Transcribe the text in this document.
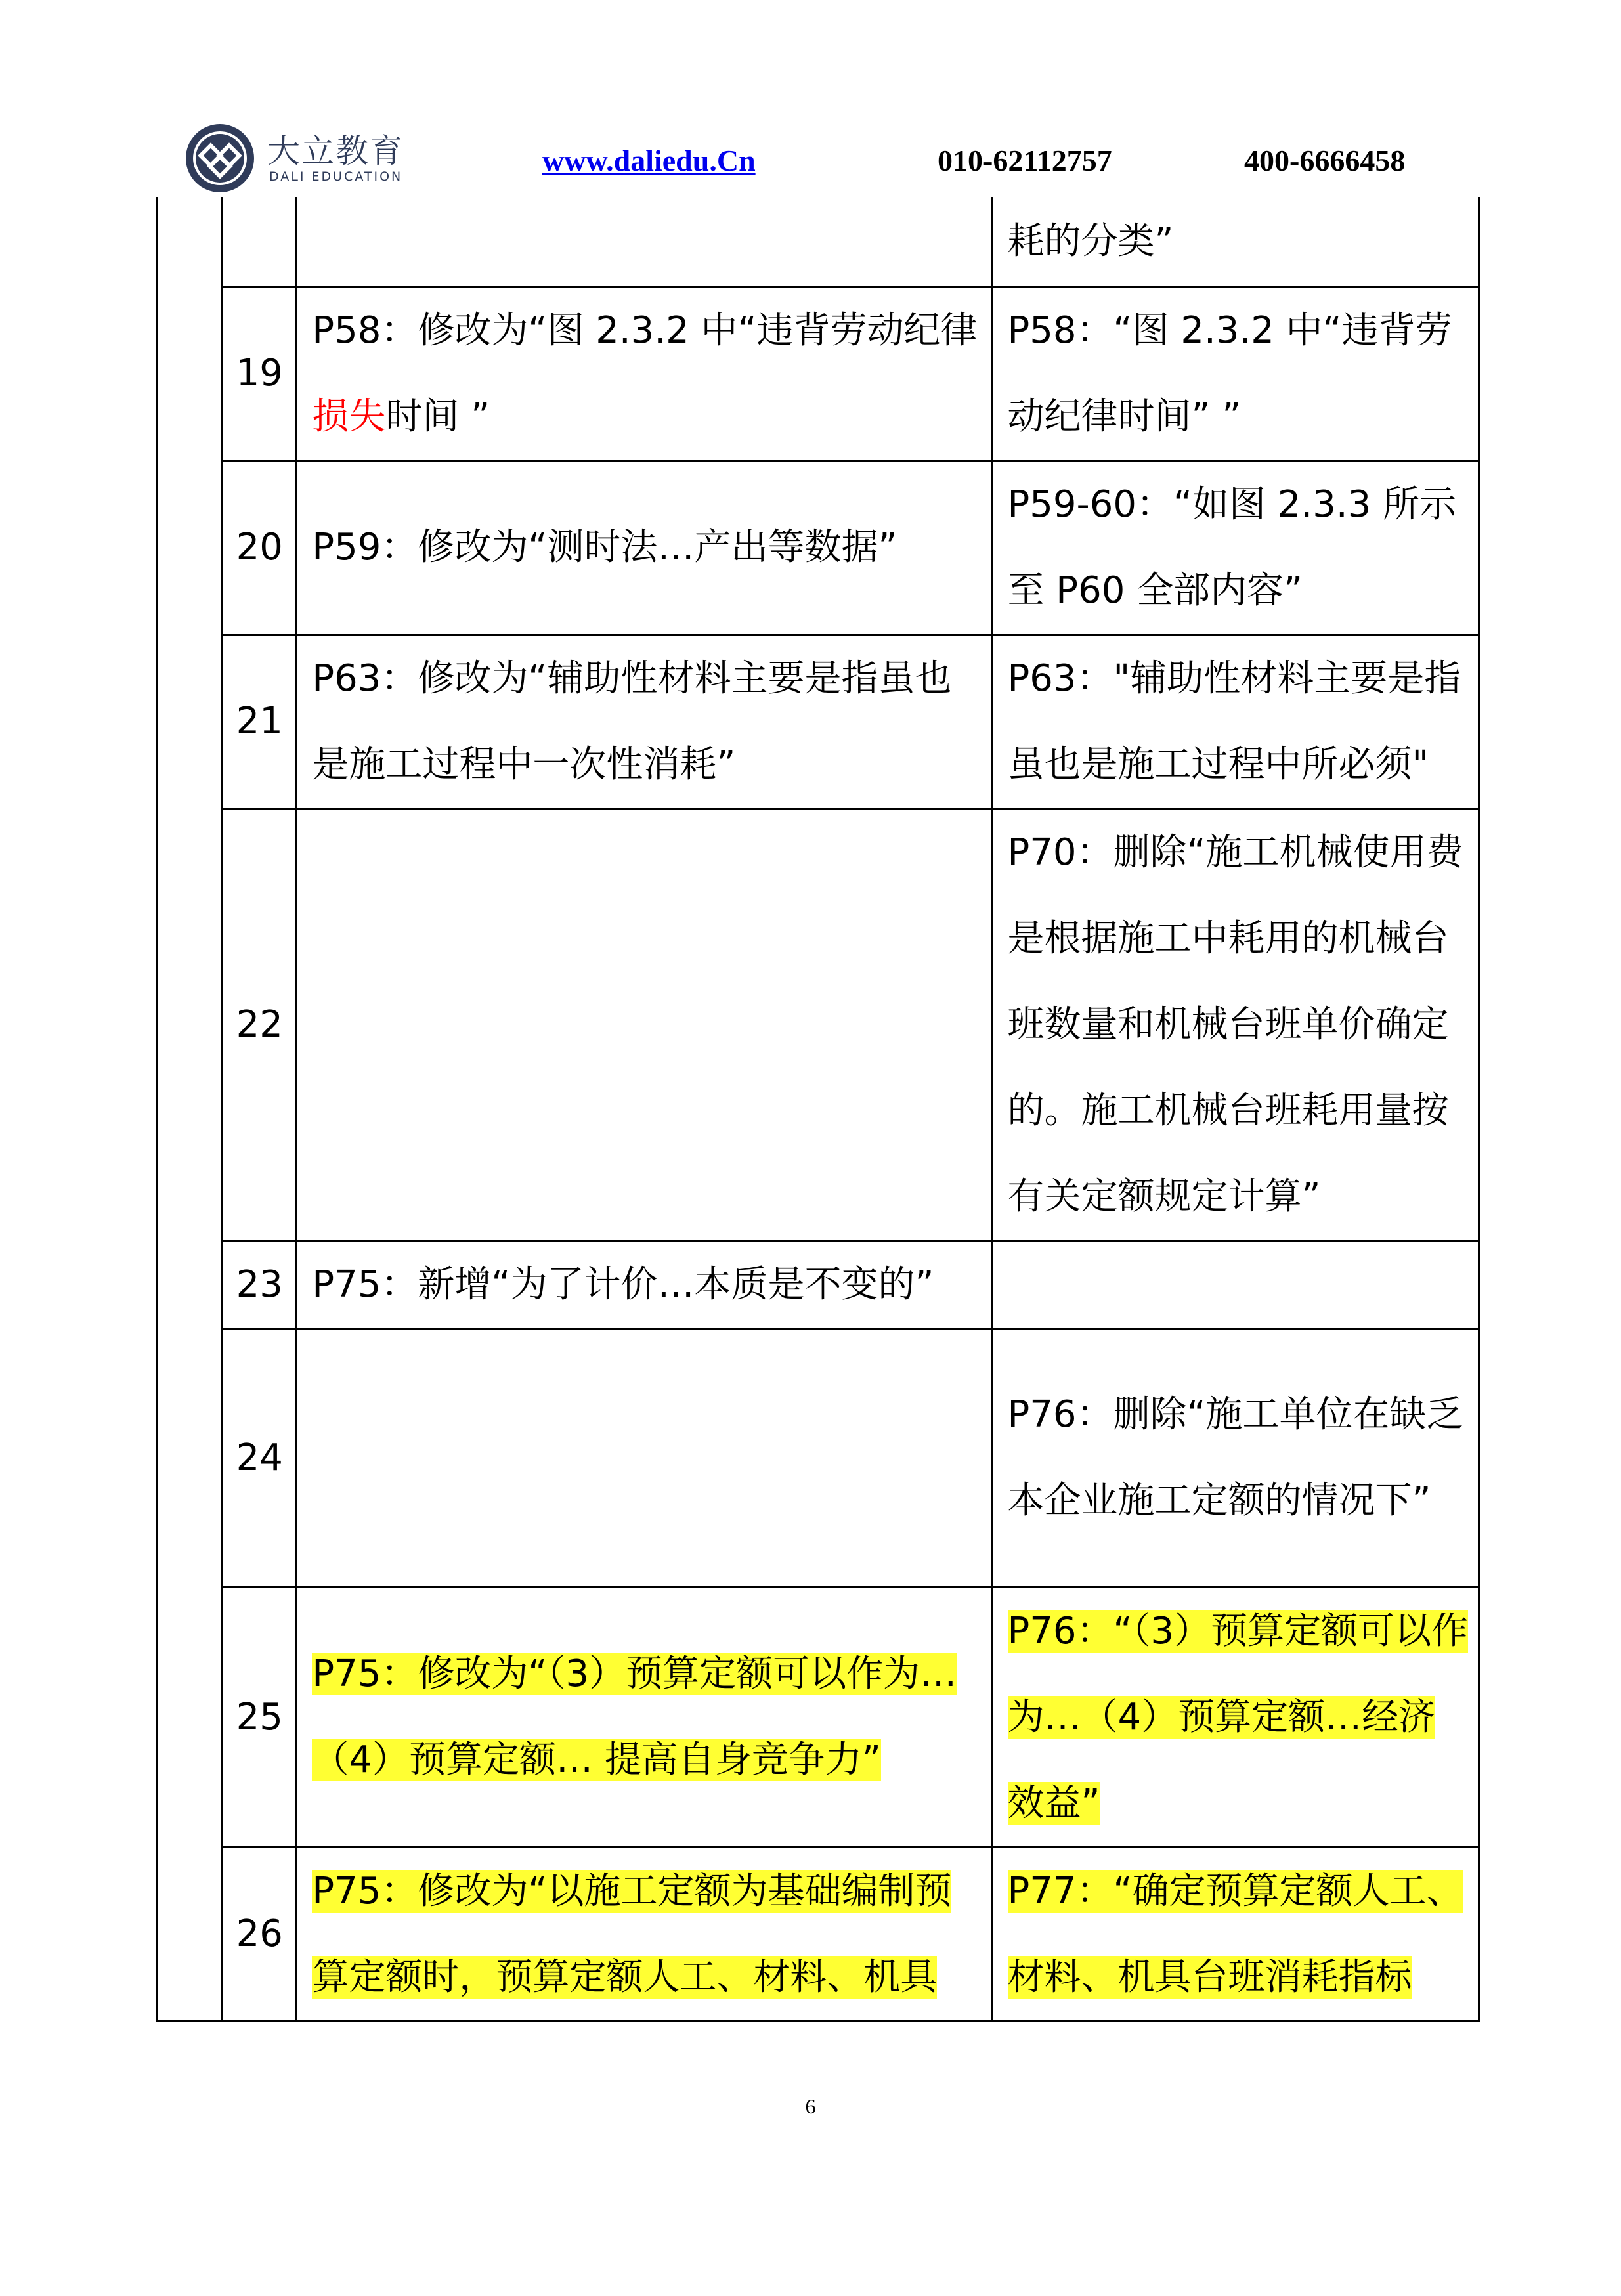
大立教育
DALI EDUCATION	www.daliedu.Cn	010-62112757	400-6666458
			耗的分类”
	19	P58：修改为“图 2.3.2 中“违背劳动纪律损失时间 ”	P58：“图 2.3.2 中“违背劳动纪律时间” ”
	20	P59：修改为“测时法…产出等数据”	P59-60：“如图 2.3.3 所示至 P60 全部内容”
	21	P63：修改为“辅助性材料主要是指虽也是施工过程中一次性消耗”	P63："辅助性材料主要是指虽也是施工过程中所必须"
	22		P70：删除“施工机械使用费是根据施工中耗用的机械台班数量和机械台班单价确定的。施工机械台班耗用量按有关定额规定计算”
	23	P75：新增“为了计价…本质是不变的”	
	24		P76：删除“施工单位在缺乏本企业施工定额的情况下”
	25	P75：修改为“（3）预算定额可以作为…（4）预算定额… 提高自身竞争力”	P76：“（3）预算定额可以作为…（4）预算定额…经济效益”
	26	P75：修改为“以施工定额为基础编制预算定额时，预算定额人工、材料、机具	P77：“确定预算定额人工、材料、机具台班消耗指标
6
